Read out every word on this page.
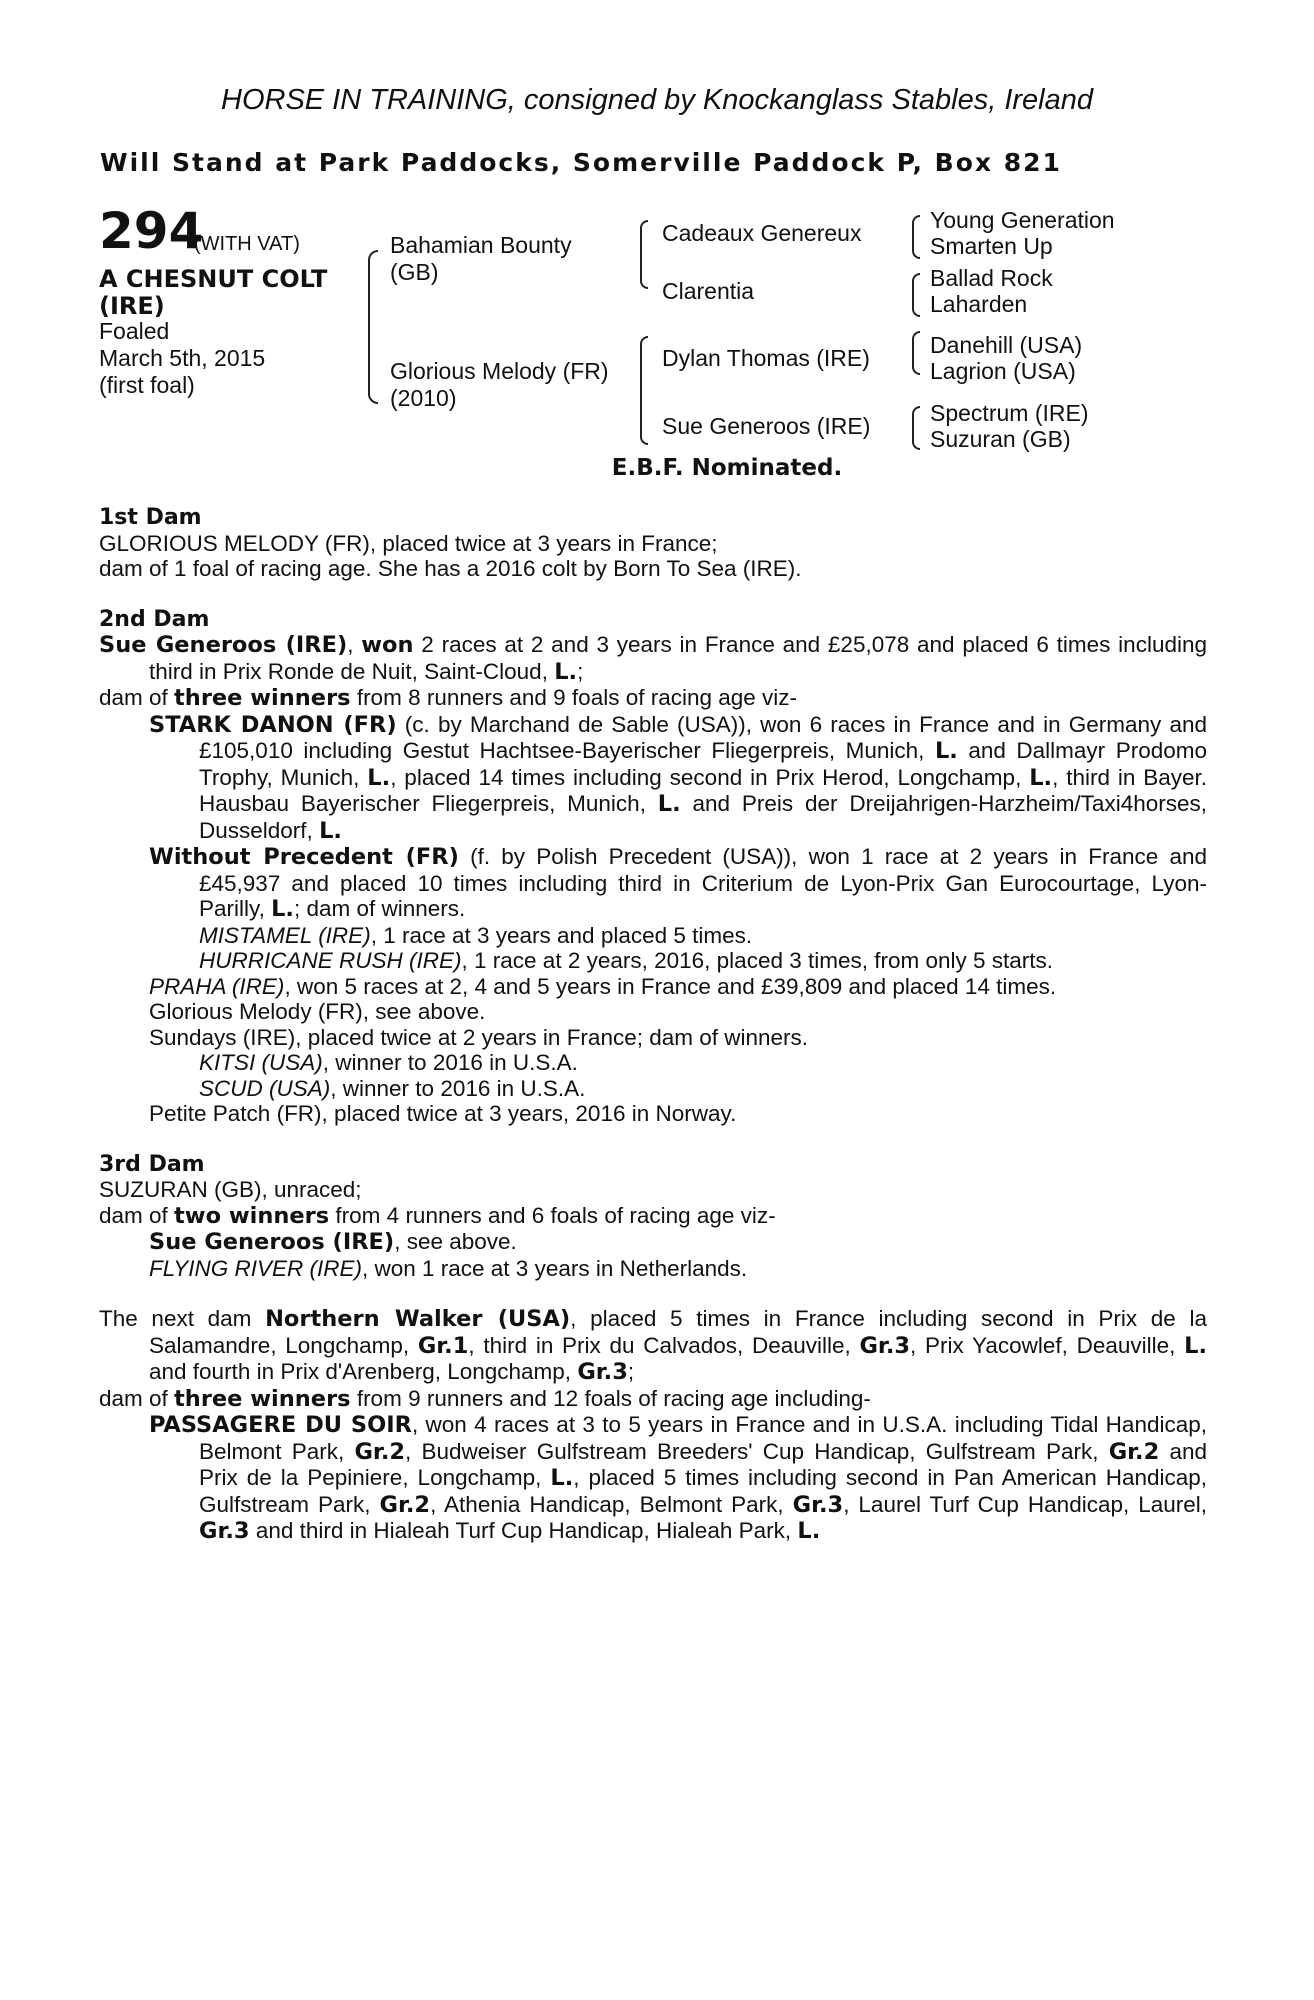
HORSE IN TRAINING, consigned by Knockanglass Stables, Ireland
Will Stand at Park Paddocks, Somerville Paddock P, Box 821
294
(WITH VAT)
A CHESNUT COLT
(IRE)
Foaled
March 5th, 2015
(first foal)
Bahamian Bounty
(GB)
Glorious Melody (FR)
(2010)
Cadeaux Genereux
Clarentia
Dylan Thomas (IRE)
Sue Generoos (IRE)
Young Generation
Smarten Up
Ballad Rock
Laharden
Danehill (USA)
Lagrion (USA)
Spectrum (IRE)
Suzuran (GB)
E.B.F. Nominated.

1st Dam

GLORIOUS MELODY (FR), placed twice at 3 years in France;

dam of 1 foal of racing age. She has a 2016 colt by Born To Sea (IRE).

2nd Dam

Sue Generoos (IRE), won 2 races at 2 and 3 years in France and £25,078 and placed 6 times including third in Prix Ronde de Nuit, Saint-Cloud, L.;

dam of three winners from 8 runners and 9 foals of racing age viz-

STARK DANON (FR) (c. by Marchand de Sable (USA)), won 6 races in France and in Germany and £105,010 including Gestut Hachtsee-Bayerischer Fliegerpreis, Munich, L. and Dallmayr Prodomo Trophy, Munich, L., placed 14 times including second in Prix Herod, Longchamp, L., third in Bayer. Hausbau Bayerischer Fliegerpreis, Munich, L. and Preis der Dreijahrigen-Harzheim/Taxi4horses, Dusseldorf, L.

Without Precedent (FR) (f. by Polish Precedent (USA)), won 1 race at 2 years in France and £45,937 and placed 10 times including third in Criterium de Lyon-Prix Gan Eurocourtage, Lyon-Parilly, L.; dam of winners.

MISTAMEL (IRE), 1 race at 3 years and placed 5 times.

HURRICANE RUSH (IRE), 1 race at 2 years, 2016, placed 3 times, from only 5 starts.

PRAHA (IRE), won 5 races at 2, 4 and 5 years in France and £39,809 and placed 14 times.

Glorious Melody (FR), see above.

Sundays (IRE), placed twice at 2 years in France; dam of winners.

KITSI (USA), winner to 2016 in U.S.A.

SCUD (USA), winner to 2016 in U.S.A.

Petite Patch (FR), placed twice at 3 years, 2016 in Norway.

3rd Dam

SUZURAN (GB), unraced;

dam of two winners from 4 runners and 6 foals of racing age viz-

Sue Generoos (IRE), see above.

FLYING RIVER (IRE), won 1 race at 3 years in Netherlands.

The next dam Northern Walker (USA), placed 5 times in France including second in Prix de la Salamandre, Longchamp, Gr.1, third in Prix du Calvados, Deauville, Gr.3, Prix Yacowlef, Deauville, L. and fourth in Prix d'Arenberg, Longchamp, Gr.3;

dam of three winners from 9 runners and 12 foals of racing age including-

PASSAGERE DU SOIR, won 4 races at 3 to 5 years in France and in U.S.A. including Tidal Handicap, Belmont Park, Gr.2, Budweiser Gulfstream Breeders' Cup Handicap, Gulfstream Park, Gr.2 and Prix de la Pepiniere, Longchamp, L., placed 5 times including second in Pan American Handicap, Gulfstream Park, Gr.2, Athenia Handicap, Belmont Park, Gr.3, Laurel Turf Cup Handicap, Laurel, Gr.3 and third in Hialeah Turf Cup Handicap, Hialeah Park, L.
